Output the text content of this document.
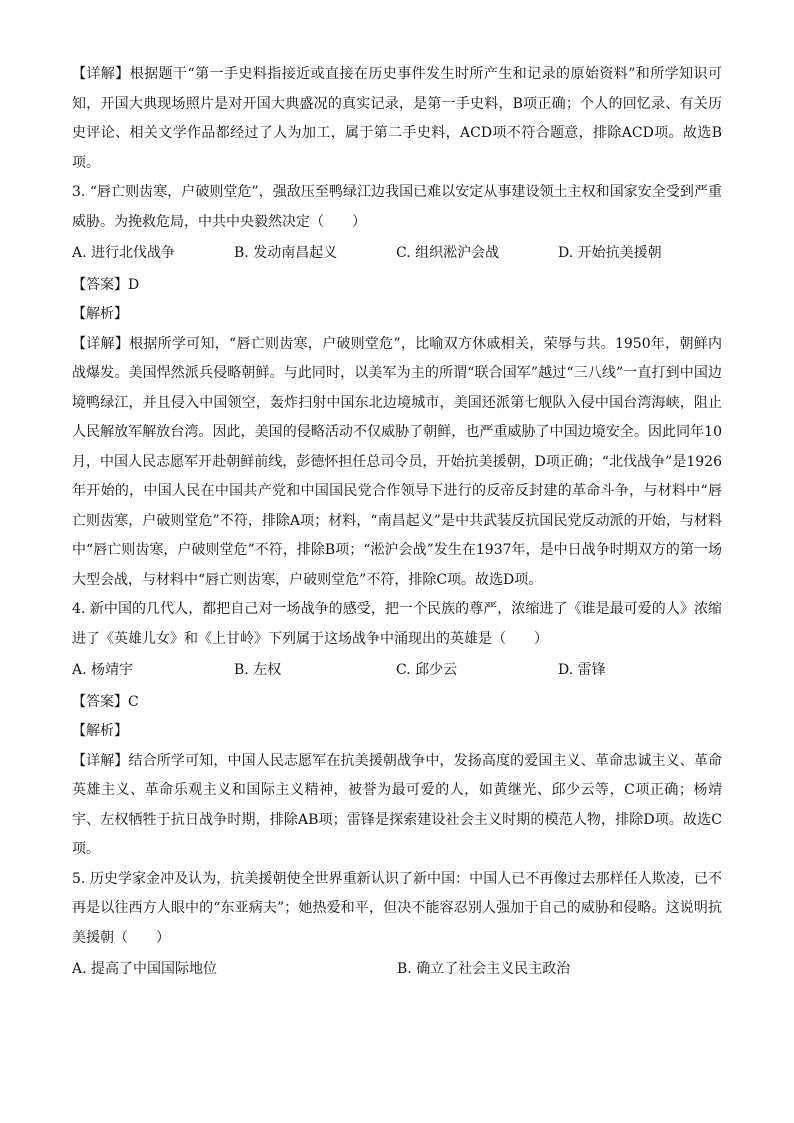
【详解】根据题干“第一手史料指接近或直接在历史事件发生时所产生和记录的原始资料”和所学知识可知，开国大典现场照片是对开国大典盛况的真实记录，是第一手史料，B项正确；个人的回忆录、有关历史评论、相关文学作品都经过了人为加工，属于第二手史料，ACD项不符合题意，排除ACD项。故选B项。

3. “唇亡则齿寒，户破则堂危”，强敌压至鸭绿江边我国已难以安定从事建设领土主权和国家安全受到严重威胁。为挽救危局，中共中央毅然决定（　　）

A. 进行北伐战争	B. 发动南昌起义	C. 组织淞沪会战	D. 开始抗美援朝

【答案】D

【解析】

【详解】根据所学可知，“唇亡则齿寒，户破则堂危”，比喻双方休戚相关，荣辱与共。1950年，朝鲜内战爆发。美国悍然派兵侵略朝鲜。与此同时，以美军为主的所谓“联合国军”越过“三八线”一直打到中国边境鸭绿江，并且侵入中国领空，轰炸扫射中国东北边境城市，美国还派第七舰队入侵中国台湾海峡，阻止人民解放军解放台湾。因此，美国的侵略活动不仅威胁了朝鲜，也严重威胁了中国边境安全。因此同年10月，中国人民志愿军开赴朝鲜前线，彭德怀担任总司令员，开始抗美援朝，D项正确；“北伐战争”是1926年开始的，中国人民在中国共产党和中国国民党合作领导下进行的反帝反封建的革命斗争，与材料中“唇亡则齿寒，户破则堂危”不符，排除A项；材料，“南昌起义”是中共武装反抗国民党反动派的开始，与材料中“唇亡则齿寒，户破则堂危”不符，排除B项；“淞沪会战”发生在1937年，是中日战争时期双方的第一场大型会战，与材料中“唇亡则齿寒，户破则堂危”不符，排除C项。故选D项。

4. 新中国的几代人，都把自己对一场战争的感受，把一个民族的尊严，浓缩进了《谁是最可爱的人》浓缩进了《英雄儿女》和《上甘岭》下列属于这场战争中涌现出的英雄是（　　）

A. 杨靖宇	B. 左权	C. 邱少云	D. 雷锋

【答案】C

【解析】

【详解】结合所学可知，中国人民志愿军在抗美援朝战争中，发扬高度的爱国主义、革命忠诚主义、革命英雄主义、革命乐观主义和国际主义精神，被誉为最可爱的人，如黄继光、邱少云等，C项正确；杨靖宇、左权牺牲于抗日战争时期，排除AB项；雷锋是探索建设社会主义时期的模范人物，排除D项。故选C项。

5. 历史学家金冲及认为，抗美援朝使全世界重新认识了新中国：中国人已不再像过去那样任人欺凌，已不再是以往西方人眼中的“东亚病夫”；她热爱和平，但决不能容忍别人强加于自己的威胁和侵略。这说明抗美援朝（　　）

A. 提高了中国国际地位	B. 确立了社会主义民主政治
